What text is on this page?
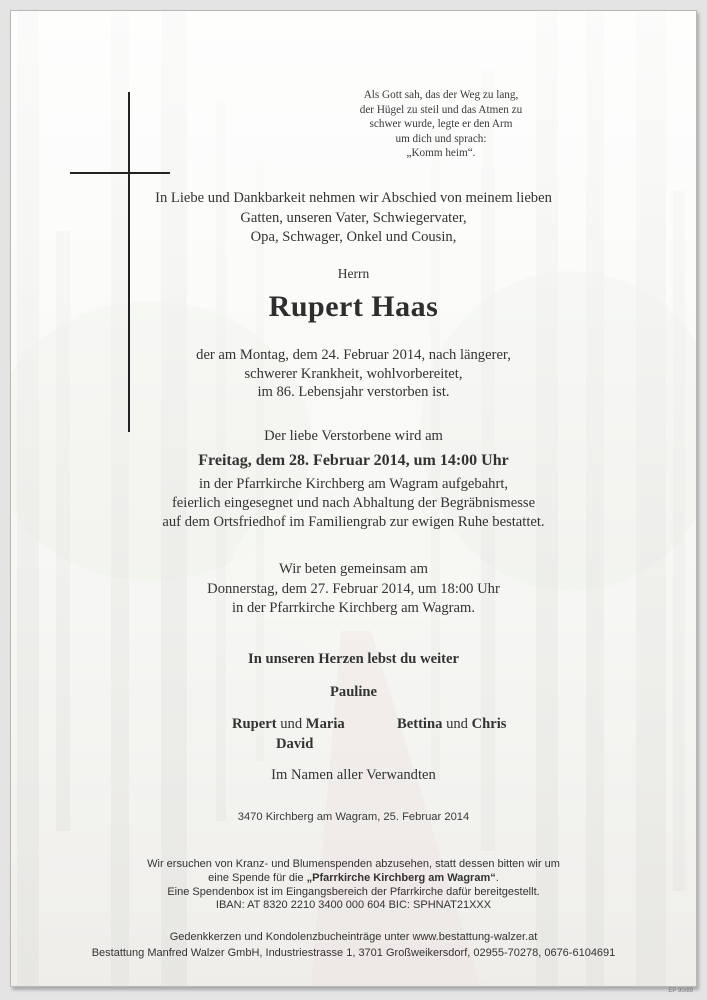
Als Gott sah, das der Weg zu lang,
der Hügel zu steil und das Atmen zu
schwer wurde, legte er den Arm
um dich und sprach:
„Komm heim“.
In Liebe und Dankbarkeit nehmen wir Abschied von meinem lieben
Gatten, unseren Vater, Schwiegervater,
Opa, Schwager, Onkel und Cousin,
Herrn
Rupert Haas
der am Montag, dem 24. Februar 2014, nach längerer,
schwerer Krankheit, wohlvorbereitet,
im 86. Lebensjahr verstorben ist.
Der liebe Verstorbene wird am
Freitag, dem 28. Februar 2014, um 14:00 Uhr
in der Pfarrkirche Kirchberg am Wagram aufgebahrt,
feierlich eingesegnet und nach Abhaltung der Begräbnismesse
auf dem Ortsfriedhof im Familiengrab zur ewigen Ruhe bestattet.
Wir beten gemeinsam am
Donnerstag, dem 27. Februar 2014, um 18:00 Uhr
in der Pfarrkirche Kirchberg am Wagram.
In unseren Herzen lebst du weiter
Pauline
Rupert und Maria
David
Bettina und Chris
Im Namen aller Verwandten
3470 Kirchberg am Wagram, 25. Februar 2014
Wir ersuchen von Kranz- und Blumenspenden abzusehen, statt dessen bitten wir um
eine Spende für die „Pfarrkirche Kirchberg am Wagram“.
Eine Spendenbox ist im Eingangsbereich der Pfarrkirche dafür bereitgestellt.
IBAN: AT 8320 2210 3400 000 604 BIC: SPHNAT21XXX
Gedenkkerzen und Kondolenzbucheinträge unter www.bestattung-walzer.at
Bestattung Manfred Walzer GmbH, Industriestrasse 1, 3701 Großweikersdorf, 02955-70278, 0676-6104691
EP 90/89
